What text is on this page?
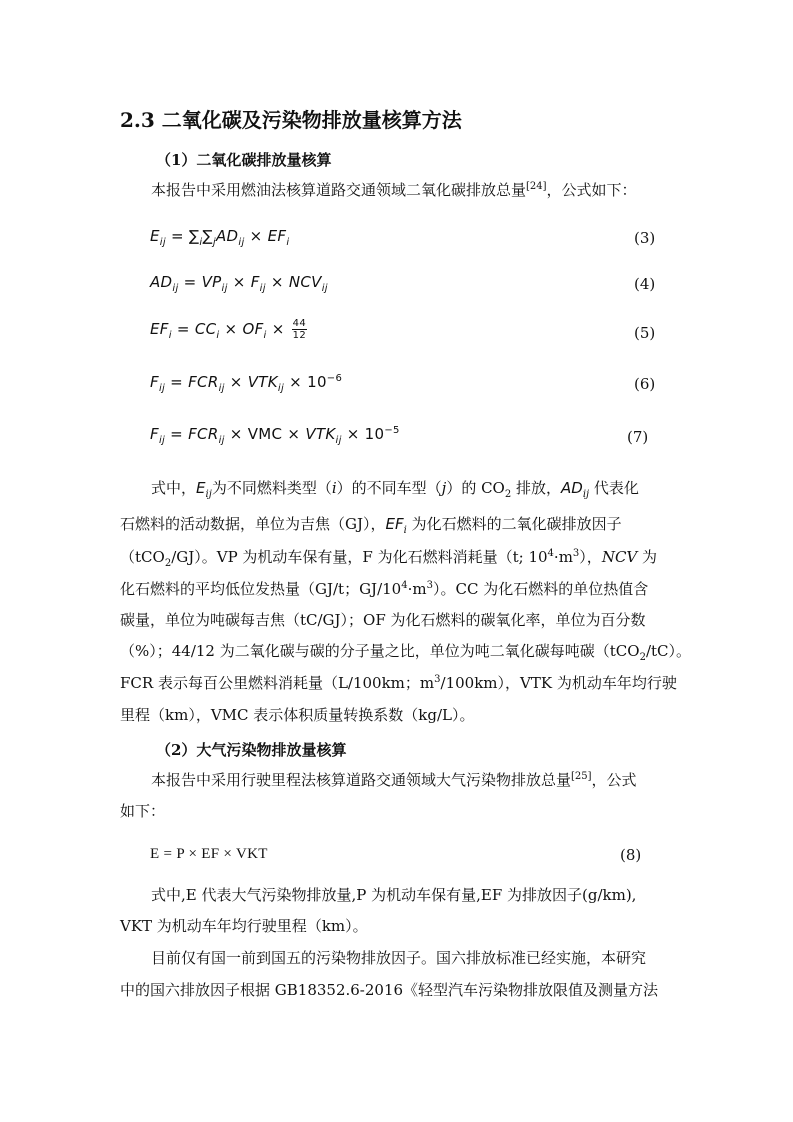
2.3 二氧化碳及污染物排放量核算方法
（1）二氧化碳排放量核算
本报告中采用燃油法核算道路交通领域二氧化碳排放总量[24]，公式如下：
$E_{ij} = \sum_i\sum_jAD_{ij} \times EF_i$	(3)
$AD_{ij} = VP_{ij} \times F_{ij} \times NCV_{ij}$	(4)
$EF_i = CC_i \times OF_i \times \frac{44}{12}$	(5)
$F_{ij} = FCR_{ij} \times VTK_{ij} \times 10^{-6}$	(6)
$F_{ij} = FCR_{ij}$ × VMC × $VTK_{ij} \times 10^{-5}$	(7)
式中，$E_{ij}$为不同燃料类型（i）的不同车型（j）的 $CO_2$ 排放，$AD_{ij}$ 代表化
石燃料的活动数据，单位为吉焦（GJ），$EF_i$ 为化石燃料的二氧化碳排放因子
（tCO$_2$/GJ）。VP 为机动车保有量，F 为化石燃料消耗量（t; $10^4\cdot m^3$），NCV 为
化石燃料的平均低位发热量（GJ/t；$GJ/10^4\cdot m^3$）。CC 为化石燃料的单位热值含
碳量，单位为吨碳每吉焦（tC/GJ）；OF 为化石燃料的碳氧化率，单位为百分数
（%）；44/12 为二氧化碳与碳的分子量之比，单位为吨二氧化碳每吨碳（tCO$_2$/tC）。
FCR 表示每百公里燃料消耗量（L/100km；$m^3/100km$），VTK 为机动车年均行驶
里程（km），VMC 表示体积质量转换系数（kg/L）。
（2）大气污染物排放量核算
本报告中采用行驶里程法核算道路交通领域大气污染物排放总量[25]，公式
如下：
E = P × EF × VKT	(8)
式中,E 代表大气污染物排放量,P 为机动车保有量,EF 为排放因子(g/km),
VKT 为机动车年均行驶里程（km）。
目前仅有国一前到国五的污染物排放因子。国六排放标准已经实施，本研究
中的国六排放因子根据 GB18352.6-2016《轻型汽车污染物排放限值及测量方法
